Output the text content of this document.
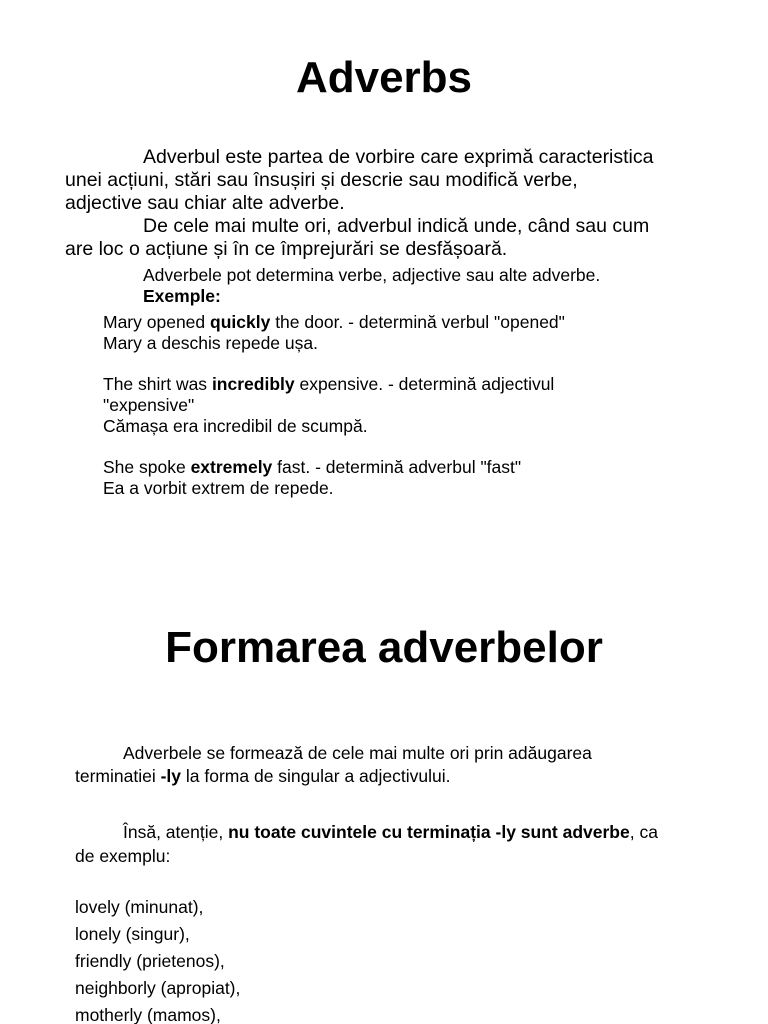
Adverbs

Adverbul este partea de vorbire care exprimă caracteristica

unei acțiuni, stări sau însușiri și descrie sau modifică verbe,

adjective sau chiar alte adverbe.

De cele mai multe ori, adverbul indică unde, când sau cum

are loc o acțiune și în ce împrejurări se desfășoară.

Adverbele pot determina verbe, adjective sau alte adverbe.

Exemple:

Mary opened quickly the door. - determină verbul "opened"

Mary a deschis repede ușa.

The shirt was incredibly expensive. - determină adjectivul

"expensive"

Cămașa era incredibil de scumpă.

She spoke extremely fast. - determină adverbul "fast"

Ea a vorbit extrem de repede.

Formarea adverbelor

Adverbele se formează de cele mai multe ori prin adăugarea

terminatiei -ly la forma de singular a adjectivului.

Însă, atenție, nu toate cuvintele cu terminația -ly sunt adverbe, ca

de exemplu:

lovely (minunat),

lonely (singur),

friendly (prietenos),

neighborly (apropiat),

motherly (mamos),
